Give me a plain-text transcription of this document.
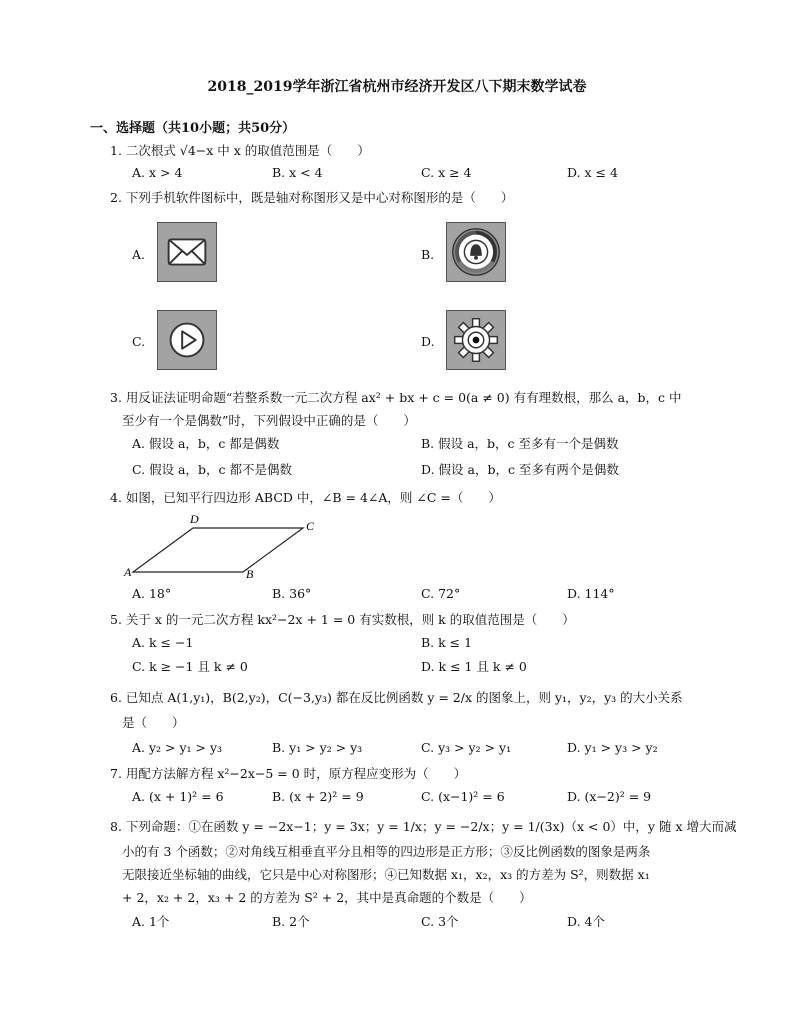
2018_2019学年浙江省杭州市经济开发区八下期末数学试卷
一、选择题（共10小题；共50分）
1. 二次根式 √4−x 中 x 的取值范围是（　　）
A. x > 4	B. x < 4	C. x ≥ 4	D. x ≤ 4
2. 下列手机软件图标中，既是轴对称图形又是中心对称图形的是（　　）
A.	B.
C.	D.
3. 用反证法证明命题“若整系数一元二次方程 ax² + bx + c = 0(a ≠ 0) 有有理数根，那么 a，b，c 中
至少有一个是偶数”时，下列假设中正确的是（　　）
A. 假设 a，b，c 都是偶数	B. 假设 a，b，c 至多有一个是偶数
C. 假设 a，b，c 都不是偶数	D. 假设 a，b，c 至多有两个是偶数
4. 如图，已知平行四边形 ABCD 中，∠B = 4∠A，则 ∠C =（　　）
A	B
C
D
A. 18°	B. 36°	C. 72°	D. 114°
5. 关于 x 的一元二次方程 kx²−2x + 1 = 0 有实数根，则 k 的取值范围是（　　）
A. k ≤ −1	B. k ≤ 1
C. k ≥ −1 且 k ≠ 0	D. k ≤ 1 且 k ≠ 0
6. 已知点 A(1,y₁)，B(2,y₂)，C(−3,y₃) 都在反比例函数 y = 2/x 的图象上，则 y₁，y₂，y₃ 的大小关系
是（　　）
A. y₂ > y₁ > y₃	B. y₁ > y₂ > y₃	C. y₃ > y₂ > y₁	D. y₁ > y₃ > y₂
7. 用配方法解方程 x²−2x−5 = 0 时，原方程应变形为（　　）
A. (x + 1)² = 6	B. (x + 2)² = 9	C. (x−1)² = 6	D. (x−2)² = 9
8. 下列命题：①在函数 y = −2x−1；y = 3x；y = 1/x；y = −2/x；y = 1/(3x)（x < 0）中，y 随 x 增大而减
小的有 3 个函数；②对角线互相垂直平分且相等的四边形是正方形；③反比例函数的图象是两条
无限接近坐标轴的曲线，它只是中心对称图形；④已知数据 x₁，x₂，x₃ 的方差为 S²，则数据 x₁
+ 2，x₂ + 2，x₃ + 2 的方差为 S² + 2，其中是真命题的个数是（　　）
A. 1个	B. 2个	C. 3个	D. 4个
